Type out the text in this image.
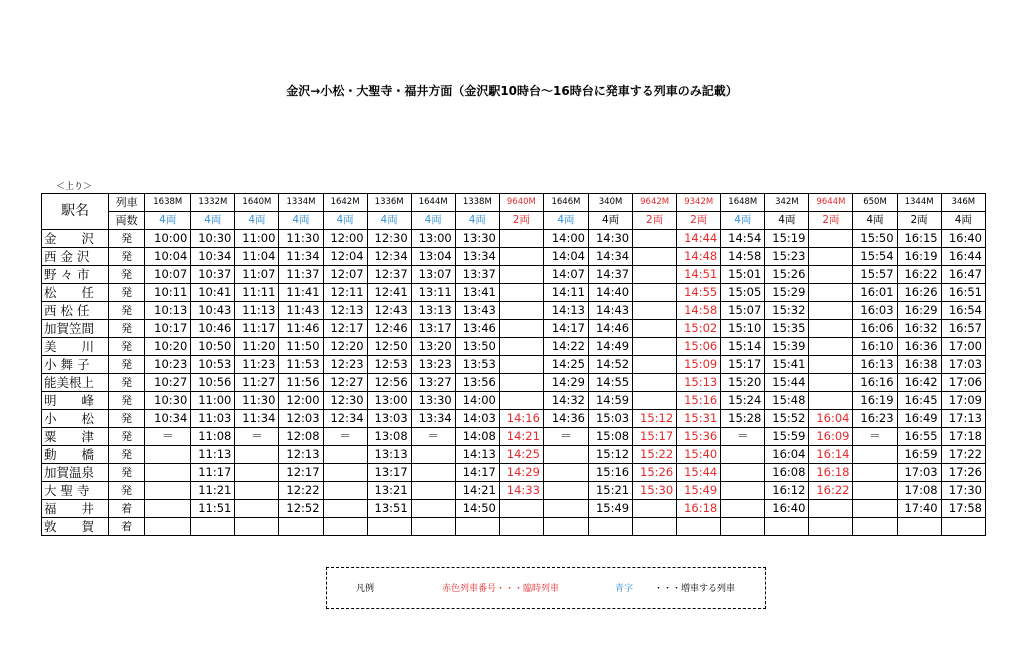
金沢→小松・大聖寺・福井方面（金沢駅10時台〜16時台に発車する列車のみ記載）
＜上り＞
駅名	列車	1638M	1332M	1640M	1334M	1642M	1336M	1644M	1338M	9640M	1646M	340M	9642M	9342M	1648M	342M	9644M	650M	1344M	346M
	両数	4両	4両	4両	4両	4両	4両	4両	4両	2両	4両	4両	2両	2両	4両	4両	2両	4両	2両	4両
金　　沢	発	10:00	10:30	11:00	11:30	12:00	12:30	13:00	13:30		14:00	14:30		14:44	14:54	15:19		15:50	16:15	16:40
西 金 沢	発	10:04	10:34	11:04	11:34	12:04	12:34	13:04	13:34		14:04	14:34		14:48	14:58	15:23		15:54	16:19	16:44
野 々 市	発	10:07	10:37	11:07	11:37	12:07	12:37	13:07	13:37		14:07	14:37		14:51	15:01	15:26		15:57	16:22	16:47
松　　任	発	10:11	10:41	11:11	11:41	12:11	12:41	13:11	13:41		14:11	14:40		14:55	15:05	15:29		16:01	16:26	16:51
西 松 任	発	10:13	10:43	11:13	11:43	12:13	12:43	13:13	13:43		14:13	14:43		14:58	15:07	15:32		16:03	16:29	16:54
加賀笠間	発	10:17	10:46	11:17	11:46	12:17	12:46	13:17	13:46		14:17	14:46		15:02	15:10	15:35		16:06	16:32	16:57
美　　川	発	10:20	10:50	11:20	11:50	12:20	12:50	13:20	13:50		14:22	14:49		15:06	15:14	15:39		16:10	16:36	17:00
小 舞 子	発	10:23	10:53	11:23	11:53	12:23	12:53	13:23	13:53		14:25	14:52		15:09	15:17	15:41		16:13	16:38	17:03
能美根上	発	10:27	10:56	11:27	11:56	12:27	12:56	13:27	13:56		14:29	14:55		15:13	15:20	15:44		16:16	16:42	17:06
明　　峰	発	10:30	11:00	11:30	12:00	12:30	13:00	13:30	14:00		14:32	14:59		15:16	15:24	15:48		16:19	16:45	17:09
小　　松	発	10:34	11:03	11:34	12:03	12:34	13:03	13:34	14:03	14:16	14:36	15:03	15:12	15:31	15:28	15:52	16:04	16:23	16:49	17:13
粟　　津	発	＝	11:08	＝	12:08	＝	13:08	＝	14:08	14:21	＝	15:08	15:17	15:36	＝	15:59	16:09	＝	16:55	17:18
動　　橋	発		11:13		12:13		13:13		14:13	14:25		15:12	15:22	15:40		16:04	16:14		16:59	17:22
加賀温泉	発		11:17		12:17		13:17		14:17	14:29		15:16	15:26	15:44		16:08	16:18		17:03	17:26
大 聖 寺	発		11:21		12:22		13:21		14:21	14:33		15:21	15:30	15:49		16:12	16:22		17:08	17:30
福　　井	着		11:51		12:52		13:51		14:50			15:49		16:18		16:40			17:40	17:58
敦　　賀	着																			
凡例	赤色列車番号・・・臨時列車	青字 ・・・増車する列車
